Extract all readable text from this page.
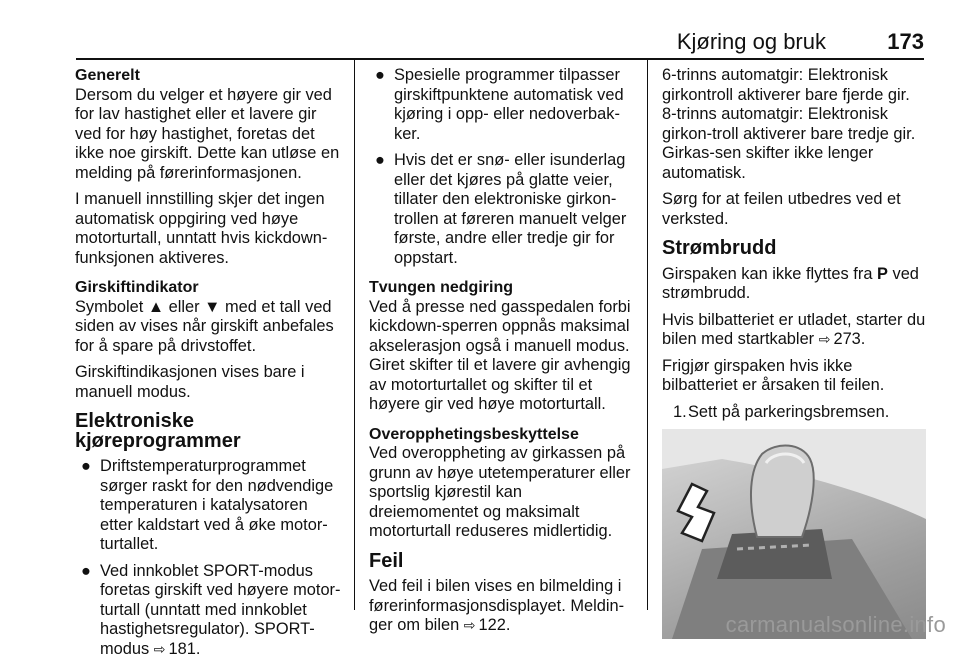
Kjøring og bruk	173
Generelt

Dersom du velger et høyere gir ved for lav hastighet eller et lavere gir ved for høy hastighet, foretas det ikke noe girskift. Dette kan utløse en melding på førerinformasjonen.

I manuell innstilling skjer det ingen automatisk oppgiring ved høye motorturtall, unntatt hvis kickdown-funksjonen aktiveres.

Girskiftindikator

Symbolet ▲ eller ▼ med et tall ved siden av vises når girskift anbefales for å spare på drivstoffet.

Girskiftindikasjonen vises bare i manuell modus.

Elektroniske kjøreprogrammer
● Driftstemperaturprogrammet sørger raskt for den nødvendige temperaturen i katalysatoren etter kaldstart ved å øke motor-turtallet.
● Ved innkoblet SPORT-modus foretas girskift ved høyere motor-turtall (unntatt med innkoblet hastighetsregulator). SPORT-modus ⇨ 181.
● Spesielle programmer tilpasser girskiftpunktene automatisk ved kjøring i opp- eller nedoverbak-ker.
● Hvis det er snø- eller isunderlag eller det kjøres på glatte veier, tillater den elektroniske girkon-trollen at føreren manuelt velger første, andre eller tredje gir for oppstart.
Tvungen nedgiring

Ved å presse ned gasspedalen forbi kickdown-sperren oppnås maksimal akselerasjon også i manuell modus. Giret skifter til et lavere gir avhengig av motorturtallet og skifter til et høyere gir ved høye motorturtall.

Overopphetingsbeskyttelse

Ved overoppheting av girkassen på grunn av høye utetemperaturer eller sportslig kjørestil kan dreiemomentet og maksimalt motorturtall reduseres midlertidig.

Feil

Ved feil i bilen vises en bilmelding i førerinformasjonsdisplayet. Meldin-ger om bilen ⇨ 122.

6-trinns automatgir: Elektronisk girkontroll aktiverer bare fjerde gir. 8-trinns automatgir: Elektronisk girkon-troll aktiverer bare tredje gir. Girkas-sen skifter ikke lenger automatisk.

Sørg for at feilen utbedres ved et verksted.

Strømbrudd

Girspaken kan ikke flyttes fra P ved strømbrudd.

Hvis bilbatteriet er utladet, starter du bilen med startkabler ⇨ 273.

Frigjør girspaken hvis ikke bilbatteriet er årsaken til feilen.

1. Sett på parkeringsbremsen.
carmanualsonline.info
